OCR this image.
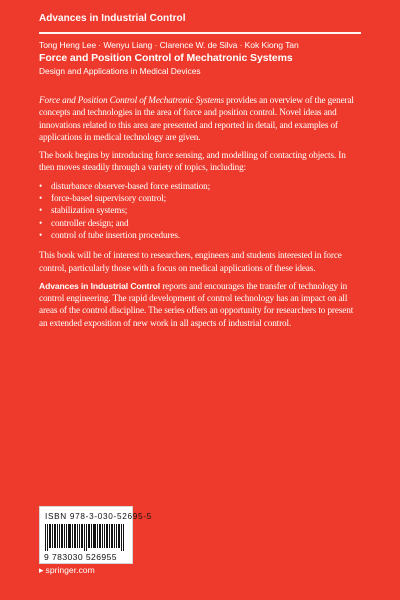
Advances in Industrial Control
Tong Heng Lee · Wenyu Liang · Clarence W. de Silva · Kok Kiong Tan
Force and Position Control of Mechatronic Systems
Design and Applications in Medical Devices

Force and Position Control of Mechatronic Systems provides an overview of the general concepts and technologies in the area of force and position control. Novel ideas and innovations related to this area are presented and reported in detail, and examples of applications in medical technology are given.

The book begins by introducing force sensing, and modelling of contacting objects. In then moves steadily through a variety of topics, including:

• disturbance observer-based force estimation;
• force-based supervisory control;
• stabilization systems;
• controller design; and
• control of tube insertion procedures.

This book will be of interest to researchers, engineers and students interested in force control, particularly those with a focus on medical applications of these ideas.

Advances in Industrial Control reports and encourages the transfer of technology in control engineering. The rapid development of control technology has an impact on all areas of the control discipline. The series offers an opportunity for researchers to present an extended exposition of new work in all aspects of industrial control.

ISBN 978-3-030-52695-5
9 783030 526955
▸ springer.com
